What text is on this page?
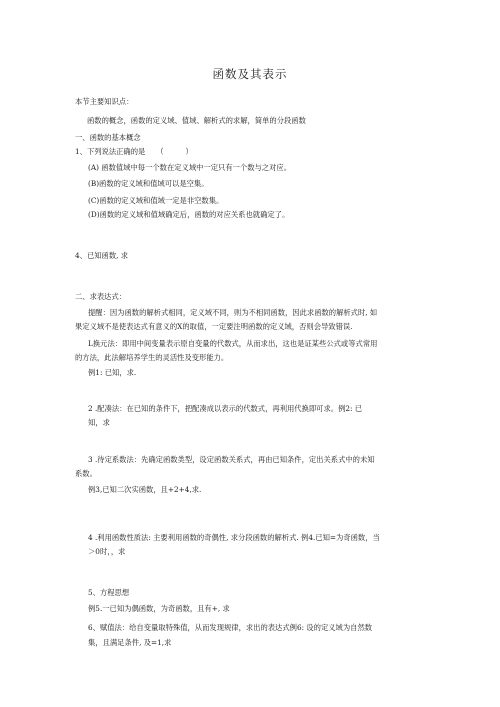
函数及其表示
本节主要知识点：
函数的概念，函数的定义域、值域、解析式的求解，简单的分段函数
一、函数的基本概念
1、下列说法正确的是　　（　　　）
(A) 函数值域中每一个数在定义域中一定只有一个数与之对应。
(B)函数的定义域和值域可以是空集。
(C)函数的定义域和值域一定是非空数集。
(D)函数的定义域和值域确定后，函数的对应关系也就确定了。
4、已知函数, 求
二、求表达式：
提醒：因为函数的解析式相同，定义域不同，则为不相同函数，因此求函数的解析式时, 如
果定义域不是使表达式有意义的X的取值，一定要注明函数的定义域，否则会导致错误.
L换元法：即用中间变量表示原自变量的代数式，从而求出，这也是证某些公式或等式常用
的方法，此法解培养学生的灵活性及变形能力。
例1: 已知，求.
2 .配凑法：在已知的条件下，把配凑成以表示的代数式，再利用代换即可求。例2: 已
知，求
3 .待定系数法：先确定函数类型，设定函数关系式，再由已知条件，定出关系式中的未知
系数。
例3,已知二次实函数，且+2+4,求.
4 .利用函数性质法: 主要利用函数的奇偶性, 求分段函数的解析式. 例4.已知=为奇函数，当
＞0时，，求
5、方程思想
例5.一已知为偶函数，为奇函数，且有+, 求
6、赋值法：给自变量取特殊值，从而发现规律，求出的表达式例6: 设的定义域为自然数
集，且满足条件, 及=1,求
